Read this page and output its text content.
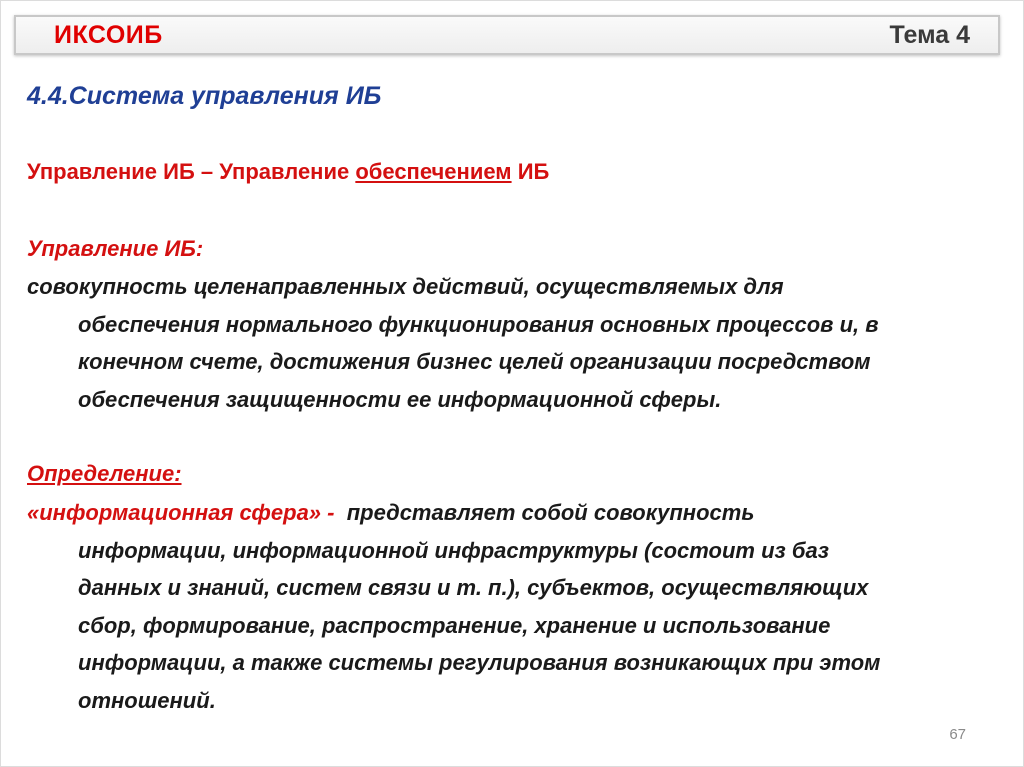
ИКСОИБ	Тема 4
4.4.Система управления ИБ

Управление ИБ – Управление обеспечением ИБ

Управление ИБ:

совокупность целенаправленных действий, осуществляемых для
обеспечения нормального функционирования основных процессов и, в
конечном счете, достижения бизнес целей организации посредством
обеспечения защищенности ее информационной сферы.

Определение:

«информационная сфера» -  представляет собой совокупность
информации, информационной инфраструктуры (состоит из баз
данных и знаний, систем связи и т. п.), субъектов, осуществляющих
сбор, формирование, распространение, хранение и использование
информации, а также системы регулирования возникающих при этом
отношений.

67
